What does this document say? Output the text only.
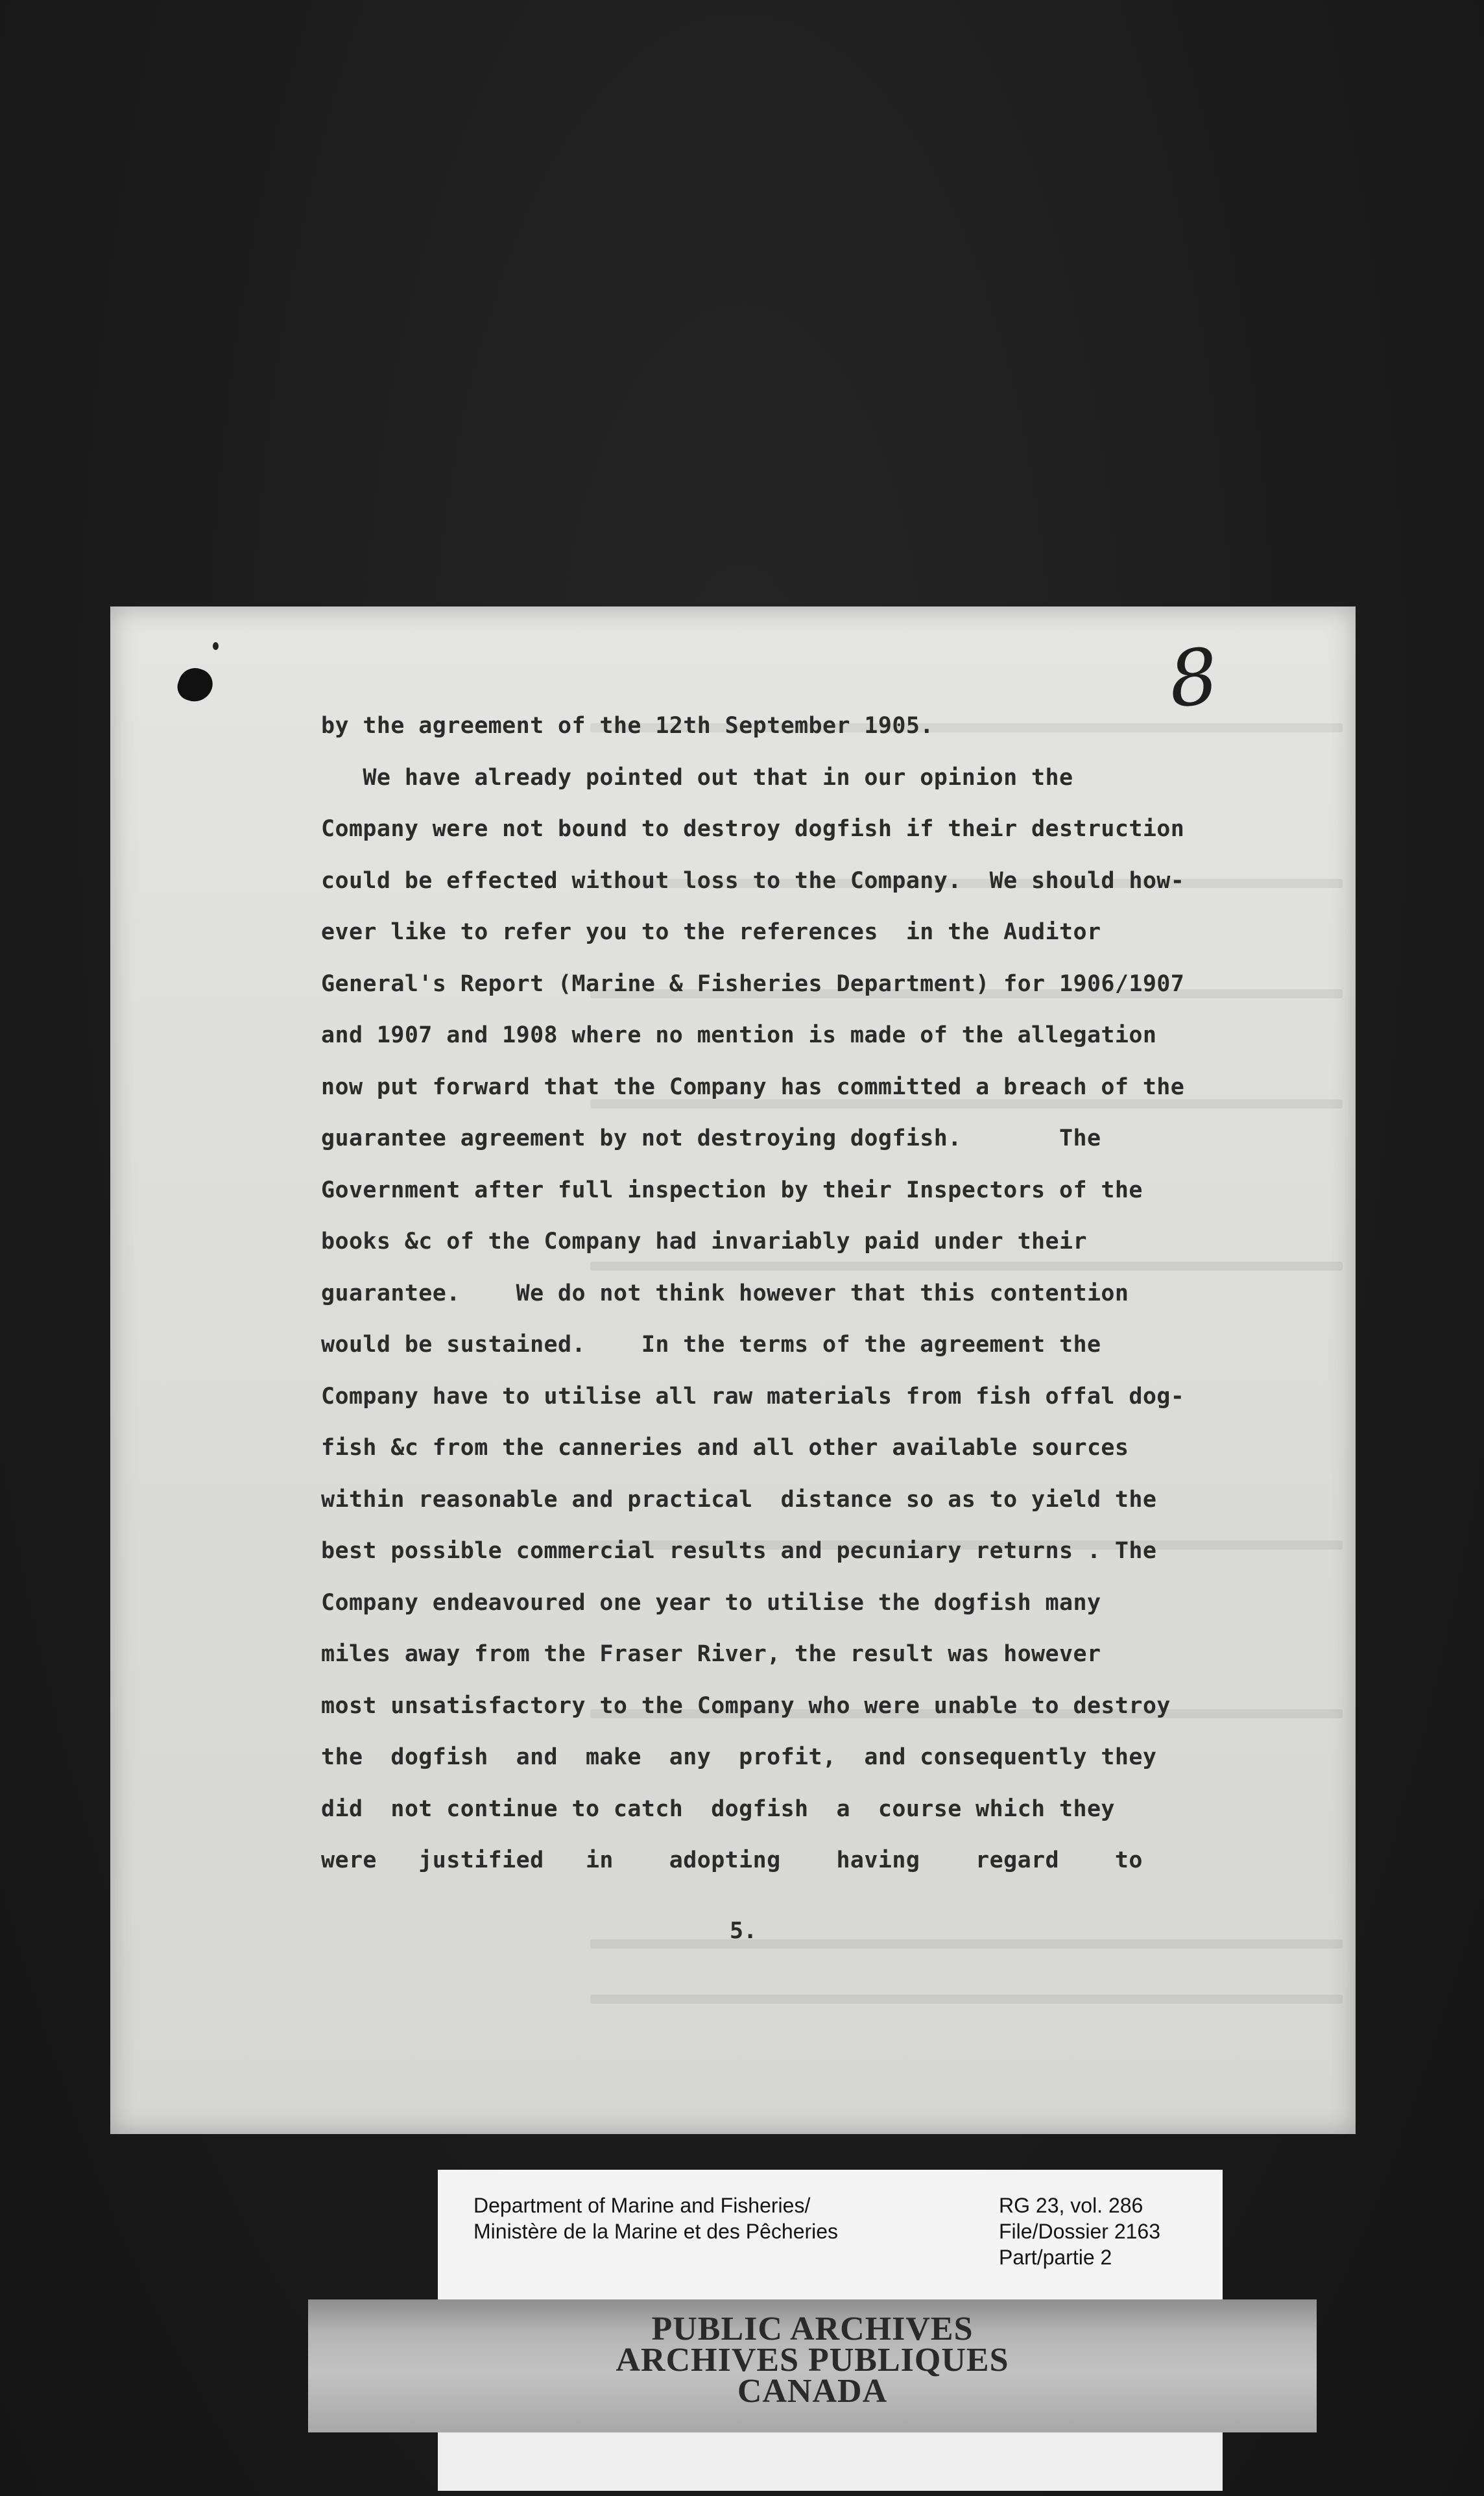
8
by the agreement of the 12th September 1905.
We have already pointed out that in our opinion the
Company were not bound to destroy dogfish if their destruction
could be effected without loss to the Company.  We should how-
ever like to refer you to the references  in the Auditor
General's Report (Marine & Fisheries Department) for 1906/1907
and 1907 and 1908 where no mention is made of the allegation
now put forward that the Company has committed a breach of the
guarantee agreement by not destroying dogfish.       The
Government after full inspection by their Inspectors of the
books &c of the Company had invariably paid under their
guarantee.    We do not think however that this contention
would be sustained.    In the terms of the agreement the
Company have to utilise all raw materials from fish offal dog-
fish &c from the canneries and all other available sources
within reasonable and practical  distance so as to yield the
best possible commercial results and pecuniary returns . The
Company endeavoured one year to utilise the dogfish many
miles away from the Fraser River, the result was however
most unsatisfactory to the Company who were unable to destroy
the  dogfish  and  make  any  profit,  and consequently they
did  not continue to catch  dogfish  a  course which they
were   justified   in    adopting    having    regard    to
5.
Department of Marine and Fisheries/
Ministère de la Marine et des Pêcheries
RG 23, vol. 286
File/Dossier 2163
Part/partie 2
PUBLIC ARCHIVES
ARCHIVES PUBLIQUES
CANADA
